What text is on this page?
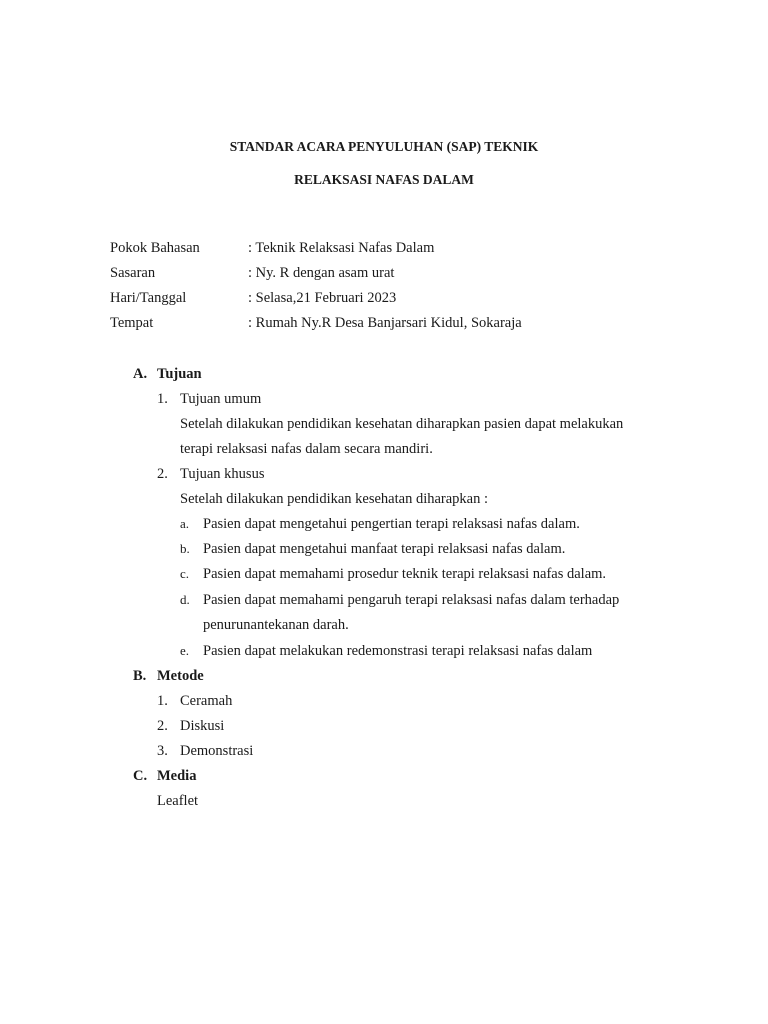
STANDAR ACARA PENYULUHAN (SAP) TEKNIK
RELAKSASI NAFAS DALAM
Pokok Bahasan	: Teknik Relaksasi Nafas Dalam
Sasaran	: Ny. R dengan asam urat
Hari/Tanggal	: Selasa,21 Februari 2023
Tempat	: Rumah Ny.R Desa Banjarsari Kidul, Sokaraja
A. Tujuan
1. Tujuan umum
Setelah dilakukan pendidikan kesehatan diharapkan pasien dapat melakukan
terapi relaksasi nafas dalam secara mandiri.
2. Tujuan khusus
Setelah dilakukan pendidikan kesehatan diharapkan :
a. Pasien dapat mengetahui pengertian terapi relaksasi nafas dalam.
b. Pasien dapat mengetahui manfaat terapi relaksasi nafas dalam.
c. Pasien dapat memahami prosedur teknik terapi relaksasi nafas dalam.
d. Pasien dapat memahami pengaruh terapi relaksasi nafas dalam terhadap
penurunantekanan darah.
e. Pasien dapat melakukan redemonstrasi terapi relaksasi nafas dalam
B. Metode
1. Ceramah
2. Diskusi
3. Demonstrasi
C. Media
Leaflet
